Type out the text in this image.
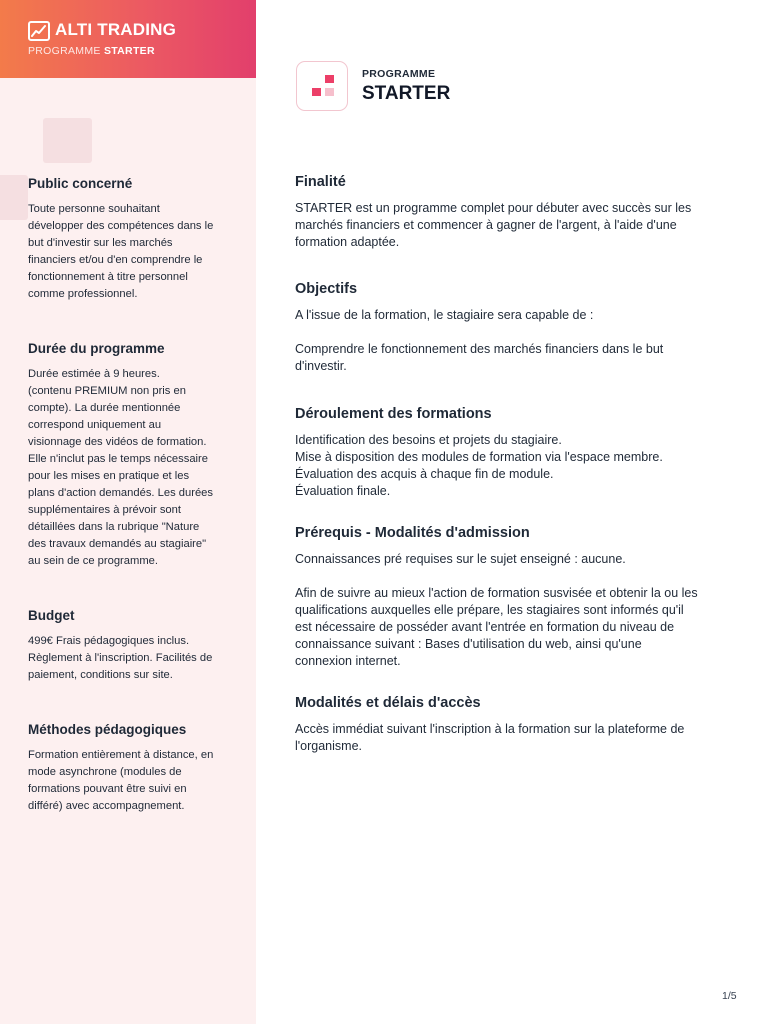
ALTI TRADING
PROGRAMME STARTER
Public concerné

Toute personne souhaitant
développer des compétences dans le
but d'investir sur les marchés
financiers et/ou d'en comprendre le
fonctionnement à titre personnel
comme professionnel.

Durée du programme

Durée estimée à 9 heures.
(contenu PREMIUM non pris en
compte). La durée mentionnée
correspond uniquement au
visionnage des vidéos de formation.
Elle n'inclut pas le temps nécessaire
pour les mises en pratique et les
plans d'action demandés. Les durées
supplémentaires à prévoir sont
détaillées dans la rubrique "Nature
des travaux demandés au stagiaire"
au sein de ce programme.

Budget

499€ Frais pédagogiques inclus.
Règlement à l'inscription. Facilités de
paiement, conditions sur site.

Méthodes pédagogiques

Formation entièrement à distance, en
mode asynchrone (modules de
formations pouvant être suivi en
différé) avec accompagnement.

PROGRAMME
STARTER
Finalité

STARTER est un programme complet pour débuter avec succès sur les
marchés financiers et commencer à gagner de l'argent, à l'aide d'une
formation adaptée.

Objectifs

A l'issue de la formation, le stagiaire sera capable de :

Comprendre le fonctionnement des marchés financiers dans le but
d'investir.

Déroulement des formations

Identification des besoins et projets du stagiaire.
Mise à disposition des modules de formation via l'espace membre.
Évaluation des acquis à chaque fin de module.
Évaluation finale.

Prérequis - Modalités d'admission

Connaissances pré requises sur le sujet enseigné : aucune.

Afin de suivre au mieux l'action de formation susvisée et obtenir la ou les
qualifications auxquelles elle prépare, les stagiaires sont informés qu'il
est nécessaire de posséder avant l'entrée en formation du niveau de
connaissance suivant : Bases d'utilisation du web, ainsi qu'une
connexion internet.

Modalités et délais d'accès

Accès immédiat suivant l'inscription à la formation sur la plateforme de
l'organisme.

1/5
